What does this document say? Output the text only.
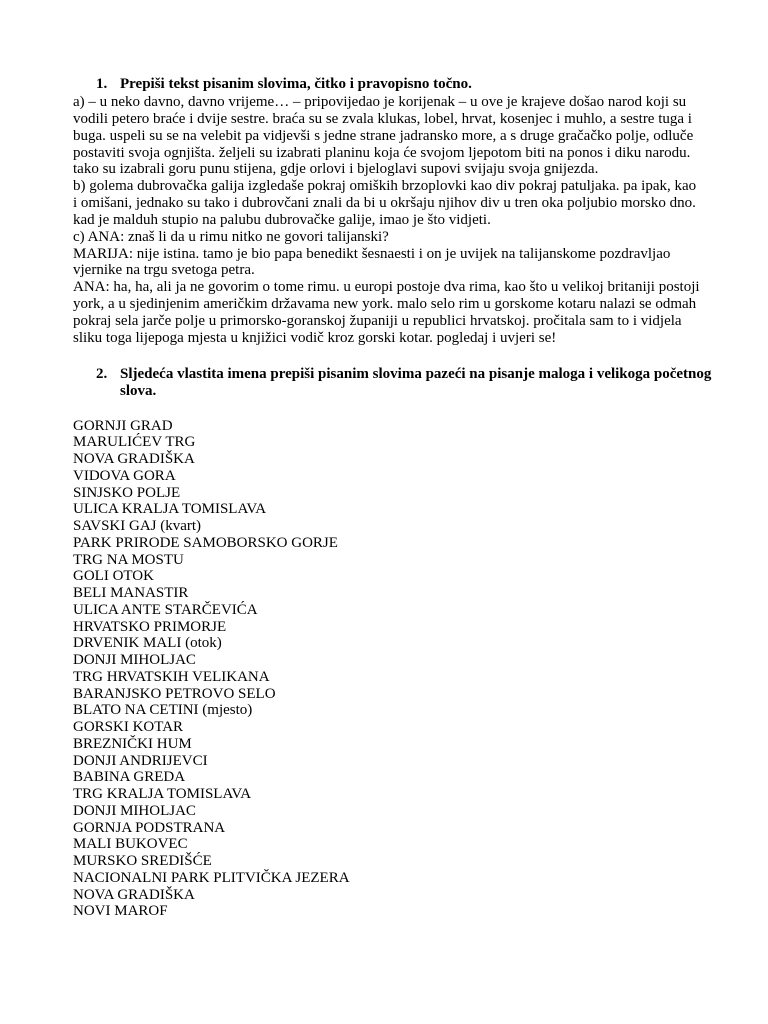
1. Prepiši tekst pisanim slovima, čitko i pravopisno točno.

a) – u neko davno, davno vrijeme… – pripovijedao je korijenak – u ove je krajeve došao narod koji su vodili petero braće i dvije sestre. braća su se zvala klukas, lobel, hrvat, kosenjec i muhlo, a sestre tuga i buga. uspeli su se na velebit pa vidjevši s jedne strane jadransko more, a s druge gračačko polje, odluče postaviti svoja ognjišta. željeli su izabrati planinu koja će svojom ljepotom biti na ponos i diku narodu. tako su izabrali goru punu stijena, gdje orlovi i bjeloglavi supovi svijaju svoja gnijezda.

b) golema dubrovačka galija izgledaše pokraj omiških brzoplovki kao div pokraj patuljaka. pa ipak, kao i omišani, jednako su tako i dubrovčani znali da bi u okršaju njihov div u tren oka poljubio morsko dno. kad je malduh stupio na palubu dubrovačke galije, imao je što vidjeti.

c) ANA: znaš li da u rimu nitko ne govori talijanski?

MARIJA: nije istina. tamo je bio papa benedikt šesnaesti i on je uvijek na talijanskome pozdravljao vjernike na trgu svetoga petra.

ANA: ha, ha, ali ja ne govorim o tome rimu. u europi postoje dva rima, kao što u velikoj britaniji postoji york, a u sjedinjenim američkim državama new york. malo selo rim u gorskome kotaru nalazi se odmah pokraj sela jarče polje u primorsko-goranskoj županiji u republici hrvatskoj. pročitala sam to i vidjela sliku toga lijepoga mjesta u knjižici vodič kroz gorski kotar. pogledaj i uvjeri se!

2. Sljedeća vlastita imena prepiši pisanim slovima pazeći na pisanje maloga i velikoga početnog slova.
GORNJI GRAD
MARULIĆEV TRG
NOVA GRADIŠKA
VIDOVA GORA
SINJSKO POLJE
ULICA KRALJA TOMISLAVA
SAVSKI GAJ (kvart)
PARK PRIRODE SAMOBORSKO GORJE
TRG NA MOSTU
GOLI OTOK
BELI MANASTIR
ULICA ANTE STARČEVIĆA
HRVATSKO PRIMORJE
DRVENIK MALI (otok)
DONJI MIHOLJAC
TRG HRVATSKIH VELIKANA
BARANJSKO PETROVO SELO
BLATO NA CETINI (mjesto)
GORSKI KOTAR
BREZNIČKI HUM
DONJI ANDRIJEVCI
BABINA GREDA
TRG KRALJA TOMISLAVA
DONJI MIHOLJAC
GORNJA PODSTRANA
MALI BUKOVEC
MURSKO SREDIŠĆE
NACIONALNI PARK PLITVIČKA JEZERA
NOVA GRADIŠKA
NOVI MAROF
